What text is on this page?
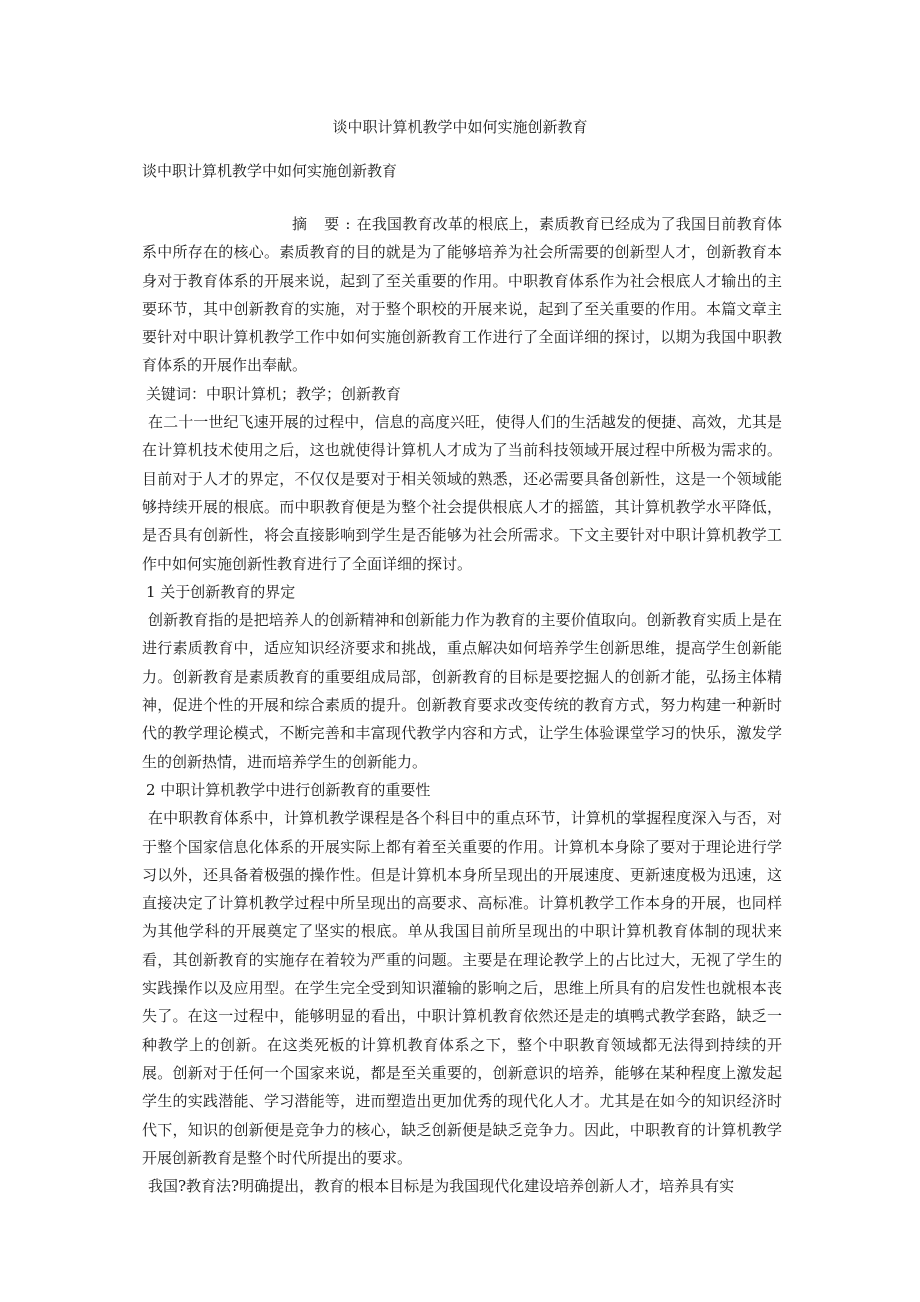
谈中职计算机教学中如何实施创新教育
谈中职计算机教学中如何实施创新教育

摘 要:在我国教育改革的根底上，素质教育已经成为了我国目前教育体系中所存在的核心。素质教育的目的就是为了能够培养为社会所需要的创新型人才，创新教育本身对于教育体系的开展来说，起到了至关重要的作用。中职教育体系作为社会根底人才输出的主要环节，其中创新教育的实施，对于整个职校的开展来说，起到了至关重要的作用。本篇文章主要针对中职计算机教学工作中如何实施创新教育工作进行了全面详细的探讨，以期为我国中职教育体系的开展作出奉献。

关键词：中职计算机；教学；创新教育

在二十一世纪飞速开展的过程中，信息的高度兴旺，使得人们的生活越发的便捷、高效，尤其是在计算机技术使用之后，这也就使得计算机人才成为了当前科技领域开展过程中所极为需求的。目前对于人才的界定，不仅仅是要对于相关领域的熟悉，还必需要具备创新性，这是一个领域能够持续开展的根底。而中职教育便是为整个社会提供根底人才的摇篮，其计算机教学水平降低，是否具有创新性，将会直接影响到学生是否能够为社会所需求。下文主要针对中职计算机教学工作中如何实施创新性教育进行了全面详细的探讨。

1 关于创新教育的界定

创新教育指的是把培养人的创新精神和创新能力作为教育的主要价值取向。创新教育实质上是在进行素质教育中，适应知识经济要求和挑战，重点解决如何培养学生创新思维，提高学生创新能力。创新教育是素质教育的重要组成局部，创新教育的目标是要挖掘人的创新才能，弘扬主体精神，促进个性的开展和综合素质的提升。创新教育要求改变传统的教育方式，努力构建一种新时代的教学理论模式，不断完善和丰富现代教学内容和方式，让学生体验课堂学习的快乐，激发学生的创新热情，进而培养学生的创新能力。

2 中职计算机教学中进行创新教育的重要性

在中职教育体系中，计算机教学课程是各个科目中的重点环节，计算机的掌握程度深入与否，对于整个国家信息化体系的开展实际上都有着至关重要的作用。计算机本身除了要对于理论进行学习以外，还具备着极强的操作性。但是计算机本身所呈现出的开展速度、更新速度极为迅速，这直接决定了计算机教学过程中所呈现出的高要求、高标准。计算机教学工作本身的开展，也同样为其他学科的开展奠定了坚实的根底。单从我国目前所呈现出的中职计算机教育体制的现状来看，其创新教育的实施存在着较为严重的问题。主要是在理论教学上的占比过大，无视了学生的实践操作以及应用型。在学生完全受到知识灌输的影响之后，思维上所具有的启发性也就根本丧失了。在这一过程中，能够明显的看出，中职计算机教育依然还是走的填鸭式教学套路，缺乏一种教学上的创新。在这类死板的计算机教育体系之下，整个中职教育领域都无法得到持续的开展。创新对于任何一个国家来说，都是至关重要的，创新意识的培养，能够在某种程度上激发起学生的实践潜能、学习潜能等，进而塑造出更加优秀的现代化人才。尤其是在如今的知识经济时代下，知识的创新便是竞争力的核心，缺乏创新便是缺乏竞争力。因此，中职教育的计算机教学开展创新教育是整个时代所提出的要求。

我国?教育法?明确提出，教育的根本目标是为我国现代化建设培养创新人才，培养具有实
